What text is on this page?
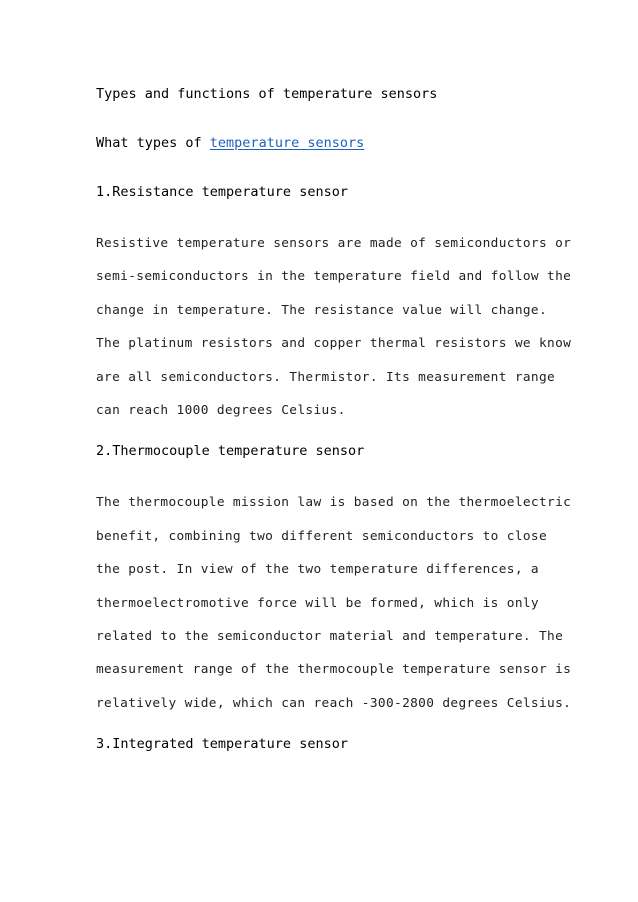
Types and functions of temperature sensors
What types of temperature sensors
1.Resistance temperature sensor
Resistive temperature sensors are made of semiconductors or
semi-semiconductors in the temperature field and follow the
change in temperature. The resistance value will change.
The platinum resistors and copper thermal resistors we know
are all semiconductors. Thermistor. Its measurement range
can reach 1000 degrees Celsius.
2.Thermocouple temperature sensor
The thermocouple mission law is based on the thermoelectric
benefit, combining two different semiconductors to close
the post. In view of the two temperature differences, a
thermoelectromotive force will be formed, which is only
related to the semiconductor material and temperature. The
measurement range of the thermocouple temperature sensor is
relatively wide, which can reach -300-2800 degrees Celsius.
3.Integrated temperature sensor
